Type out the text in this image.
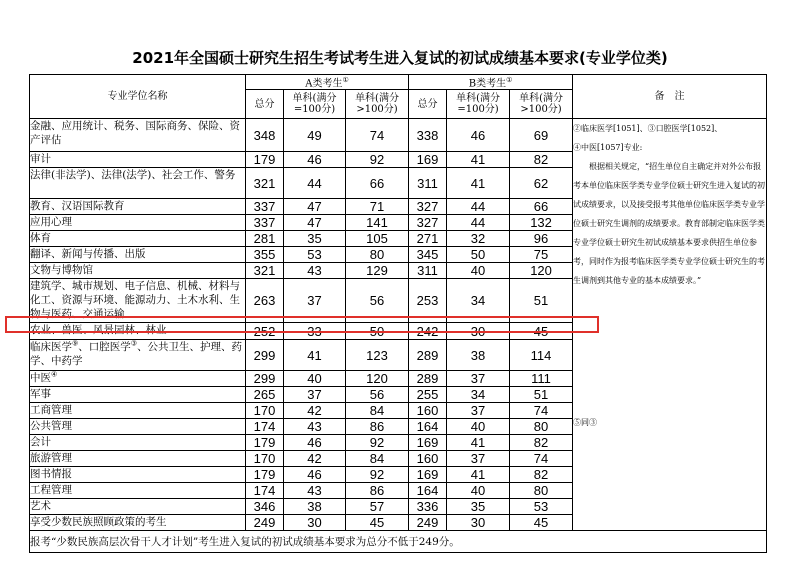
2021年全国硕士研究生招生考试考生进入复试的初试成绩基本要求(专业学位类)
专业学位名称	A类考生①			B类考生①			备　注
	总分	单科(满分=100分)	单科(满分>100分)	总分	单科(满分=100分)	单科(满分>100分)	
金融、应用统计、税务、国际商务、保险、资产评估	348	49	74	338	46	69	②临床医学[1051]、③口腔医学[1052]、

④中医[1057]专业:

根据相关规定，“招生单位自主确定并对外公布报考本单位临床医学类专业学位硕士研究生进入复试的初试成绩要求，以及接受报考其他单位临床医学类专业学位硕士研究生调剂的成绩要求。教育部制定临床医学类专业学位硕士研究生初试成绩基本要求供招生单位参考，同时作为报考临床医学类专业学位硕士研究生的考生调剂到其他专业的基本成绩要求。”

⑤同③

审计	179	46	92	169	41	82	
法律(非法学)、法律(法学)、社会工作、警务	321	44	66	311	41	62	
教育、汉语国际教育	337	47	71	327	44	66	
应用心理	337	47	141	327	44	132	
体育	281	35	105	271	32	96	
翻译、新闻与传播、出版	355	53	80	345	50	75	
文物与博物馆	321	43	129	311	40	120	
建筑学、城市规划、电子信息、机械、材料与化工、资源与环境、能源动力、土木水利、生物与医药、交通运输	263	37	56	253	34	51	
农业、兽医、风景园林、林业	252	33	50	242	30	45	
临床医学⑨、口腔医学③、公共卫生、护理、药学、中药学	299	41	123	289	38	114	
中医④	299	40	120	289	37	111	
军事	265	37	56	255	34	51	
工商管理	170	42	84	160	37	74	
公共管理	174	43	86	164	40	80	
会计	179	46	92	169	41	82	
旅游管理	170	42	84	160	37	74	
图书情报	179	46	92	169	41	82	
工程管理	174	43	86	164	40	80	
艺术	346	38	57	336	35	53	
享受少数民族照顾政策的考生	249	30	45	249	30	45	
报考“少数民族高层次骨干人才计划”考生进入复试的初试成绩基本要求为总分不低于249分。							
